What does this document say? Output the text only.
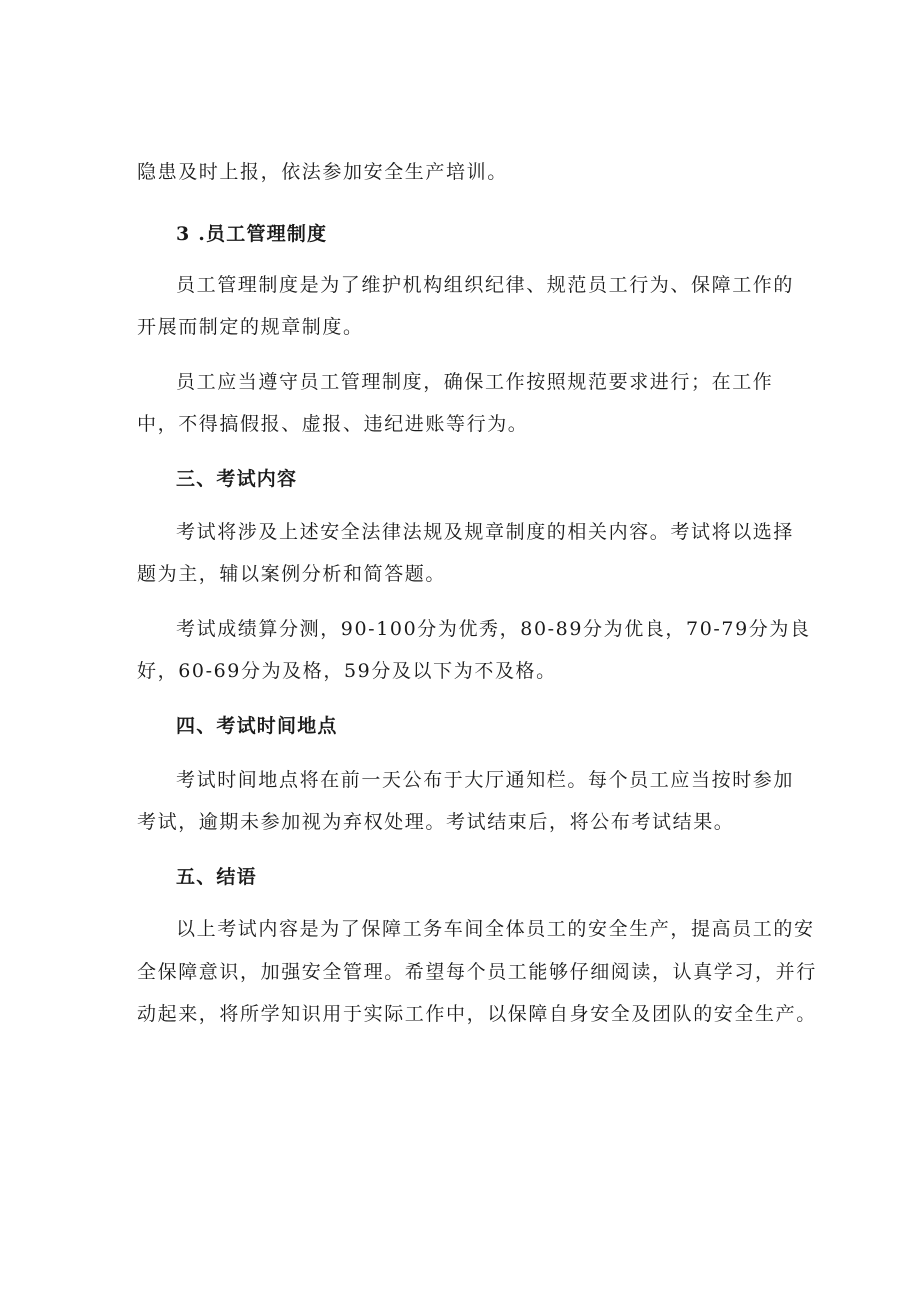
隐患及时上报，依法参加安全生产培训。
3 .员工管理制度
员工管理制度是为了维护机构组织纪律、规范员工行为、保障工作的
开展而制定的规章制度。
员工应当遵守员工管理制度，确保工作按照规范要求进行；在工作
中，不得搞假报、虚报、违纪进账等行为。
三、考试内容
考试将涉及上述安全法律法规及规章制度的相关内容。考试将以选择
题为主，辅以案例分析和简答题。
考试成绩算分测，90-100分为优秀，80-89分为优良，70-79分为良
好，60-69分为及格，59分及以下为不及格。
四、考试时间地点
考试时间地点将在前一天公布于大厅通知栏。每个员工应当按时参加
考试，逾期未参加视为弃权处理。考试结束后，将公布考试结果。
五、结语
以上考试内容是为了保障工务车间全体员工的安全生产，提高员工的安
全保障意识，加强安全管理。希望每个员工能够仔细阅读，认真学习，并行
动起来，将所学知识用于实际工作中，以保障自身安全及团队的安全生产。
